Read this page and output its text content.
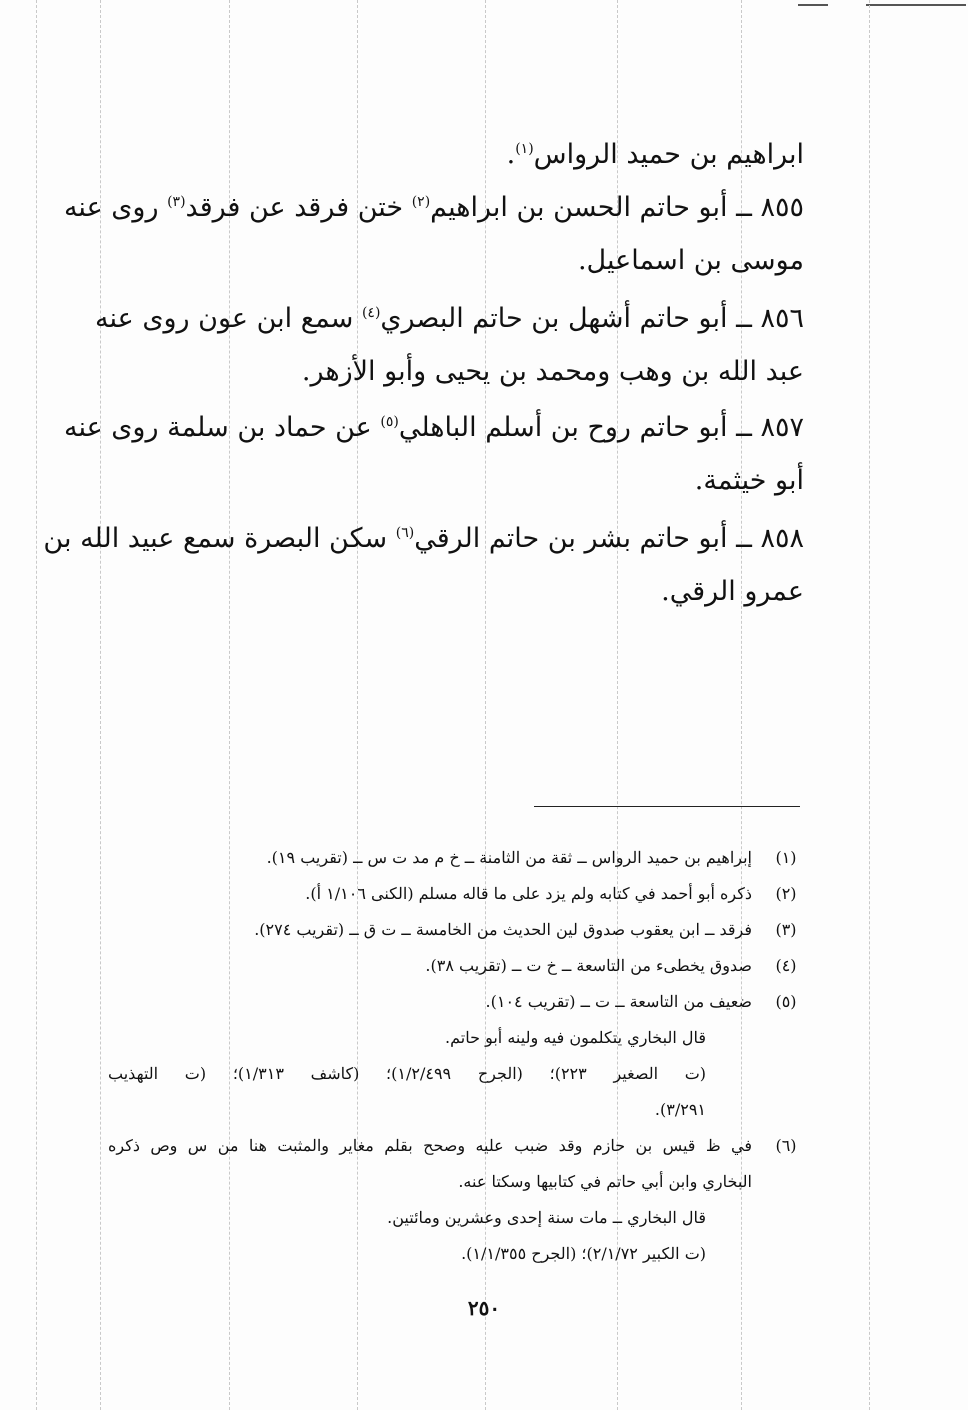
ابراهيم بن حميد الرواس$^{(١)}$.
٨٥٥ ــ أبو حاتم الحسن بن ابراهيم$^{(٢)}$ ختن فرقد عن فرقد$^{(٣)}$ روى عنه
موسى بن اسماعيل.
٨٥٦ ــ أبو حاتم أشهل بن حاتم البصري$^{(٤)}$ سمع ابن عون روى عنه
عبد الله بن وهب ومحمد بن يحيى وأبو الأزهر.
٨٥٧ ــ أبو حاتم روح بن أسلم الباهلي$^{(٥)}$ عن حماد بن سلمة روى عنه
أبو خيثمة.
٨٥٨ ــ أبو حاتم بشر بن حاتم الرقي$^{(٦)}$ سكن البصرة سمع عبيد الله بن
عمرو الرقي.
(١)
إبراهيم بن حميد الرواس ــ ثقة من الثامنة ــ خ م مد ت س ــ (تقريب ١٩).
(٢)
ذكره أبو أحمد في كتابه ولم يزد على ما قاله مسلم (الكنى ١/١٠٦ أ).
(٣)
فرقد ــ ابن يعقوب صدوق لين الحديث من الخامسة ــ ت ق ــ (تقريب ٢٧٤).
(٤)
صدوق يخطىء من التاسعة ــ خ ت ــ (تقريب ٣٨).
(٥)
ضعيف من التاسعة ــ ت ــ (تقريب ١٠٤).
قال البخاري يتكلمون فيه ولينه أبو حاتم.
(ت الصغير ٢٢٣)؛ (الجرح ١/٢/٤٩٩)؛ (كاشف ١/٣١٣)؛ (ت التهذيب
٣/٢٩١).
(٦)
في ظ قيس بن حازم وقد ضبب عليه وصحح بقلم مغاير والمثبت هنا من س وص ذكره
البخاري وابن أبي حاتم في كتابيها وسكتا عنه.
قال البخاري ــ مات سنة إحدى وعشرين ومائتين.
(ت الكبير ٢/١/٧٢)؛ (الجرح ١/١/٣٥٥).
٢٥٠
